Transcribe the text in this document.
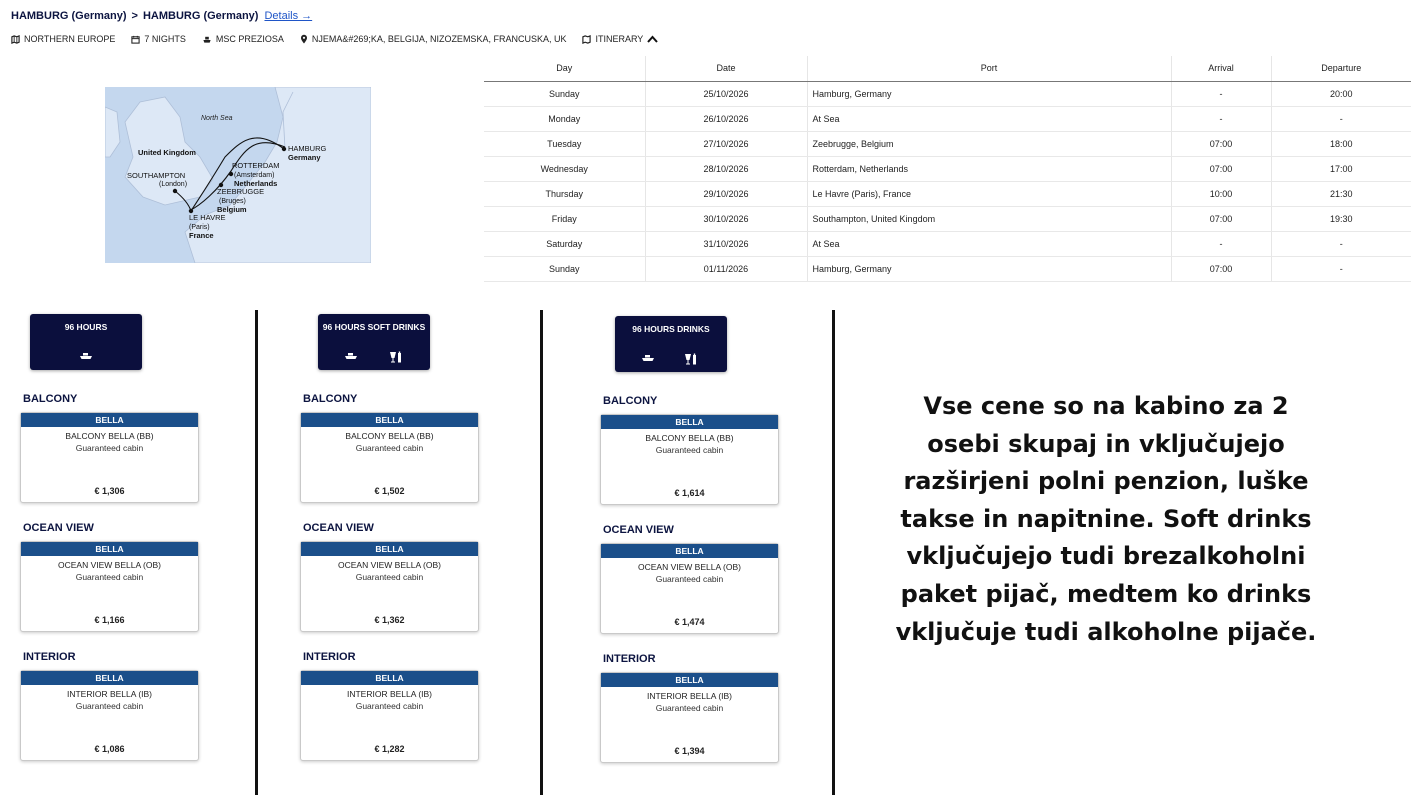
HAMBURG (Germany) > HAMBURG (Germany) Details →
NORTHERN EUROPE	7 NIGHTS	MSC PREZIOSA	NJEMA&#269;KA, BELGIJA, NIZOZEMSKA, FRANCUSKA, UK	ITINERARY
North Sea
United Kingdom
SOUTHAMPTON
(London)
HAMBURG
Germany
ROTTERDAM
(Amsterdam)
Netherlands
ZEEBRUGGE
(Bruges)
Belgium
LE HAVRE
(Paris)
France
Day	Date	Port	Arrival	Departure
Sunday	25/10/2026	Hamburg, Germany	-	20:00
Monday	26/10/2026	At Sea	-	-
Tuesday	27/10/2026	Zeebrugge, Belgium	07:00	18:00
Wednesday	28/10/2026	Rotterdam, Netherlands	07:00	17:00
Thursday	29/10/2026	Le Havre (Paris), France	10:00	21:30
Friday	30/10/2026	Southampton, United Kingdom	07:00	19:30
Saturday	31/10/2026	At Sea	-	-
Sunday	01/11/2026	Hamburg, Germany	07:00	-
96 HOURS
BALCONY
BELLA
BALCONY BELLA (BB)
Guaranteed cabin
€ 1,306
OCEAN VIEW
BELLA
OCEAN VIEW BELLA (OB)
Guaranteed cabin
€ 1,166
INTERIOR
BELLA
INTERIOR BELLA (IB)
Guaranteed cabin
€ 1,086
96 HOURS SOFT DRINKS
BALCONY
BELLA
BALCONY BELLA (BB)
Guaranteed cabin
€ 1,502
OCEAN VIEW
BELLA
OCEAN VIEW BELLA (OB)
Guaranteed cabin
€ 1,362
INTERIOR
BELLA
INTERIOR BELLA (IB)
Guaranteed cabin
€ 1,282
96 HOURS DRINKS
BALCONY
BELLA
BALCONY BELLA (BB)
Guaranteed cabin
€ 1,614
OCEAN VIEW
BELLA
OCEAN VIEW BELLA (OB)
Guaranteed cabin
€ 1,474
INTERIOR
BELLA
INTERIOR BELLA (IB)
Guaranteed cabin
€ 1,394
Vse cene so na kabino za 2
osebi skupaj in vključujejo
razširjeni polni penzion, luške
takse in napitnine. Soft drinks
vključujejo tudi brezalkoholni
paket pijač, medtem ko drinks
vključuje tudi alkoholne pijače.
